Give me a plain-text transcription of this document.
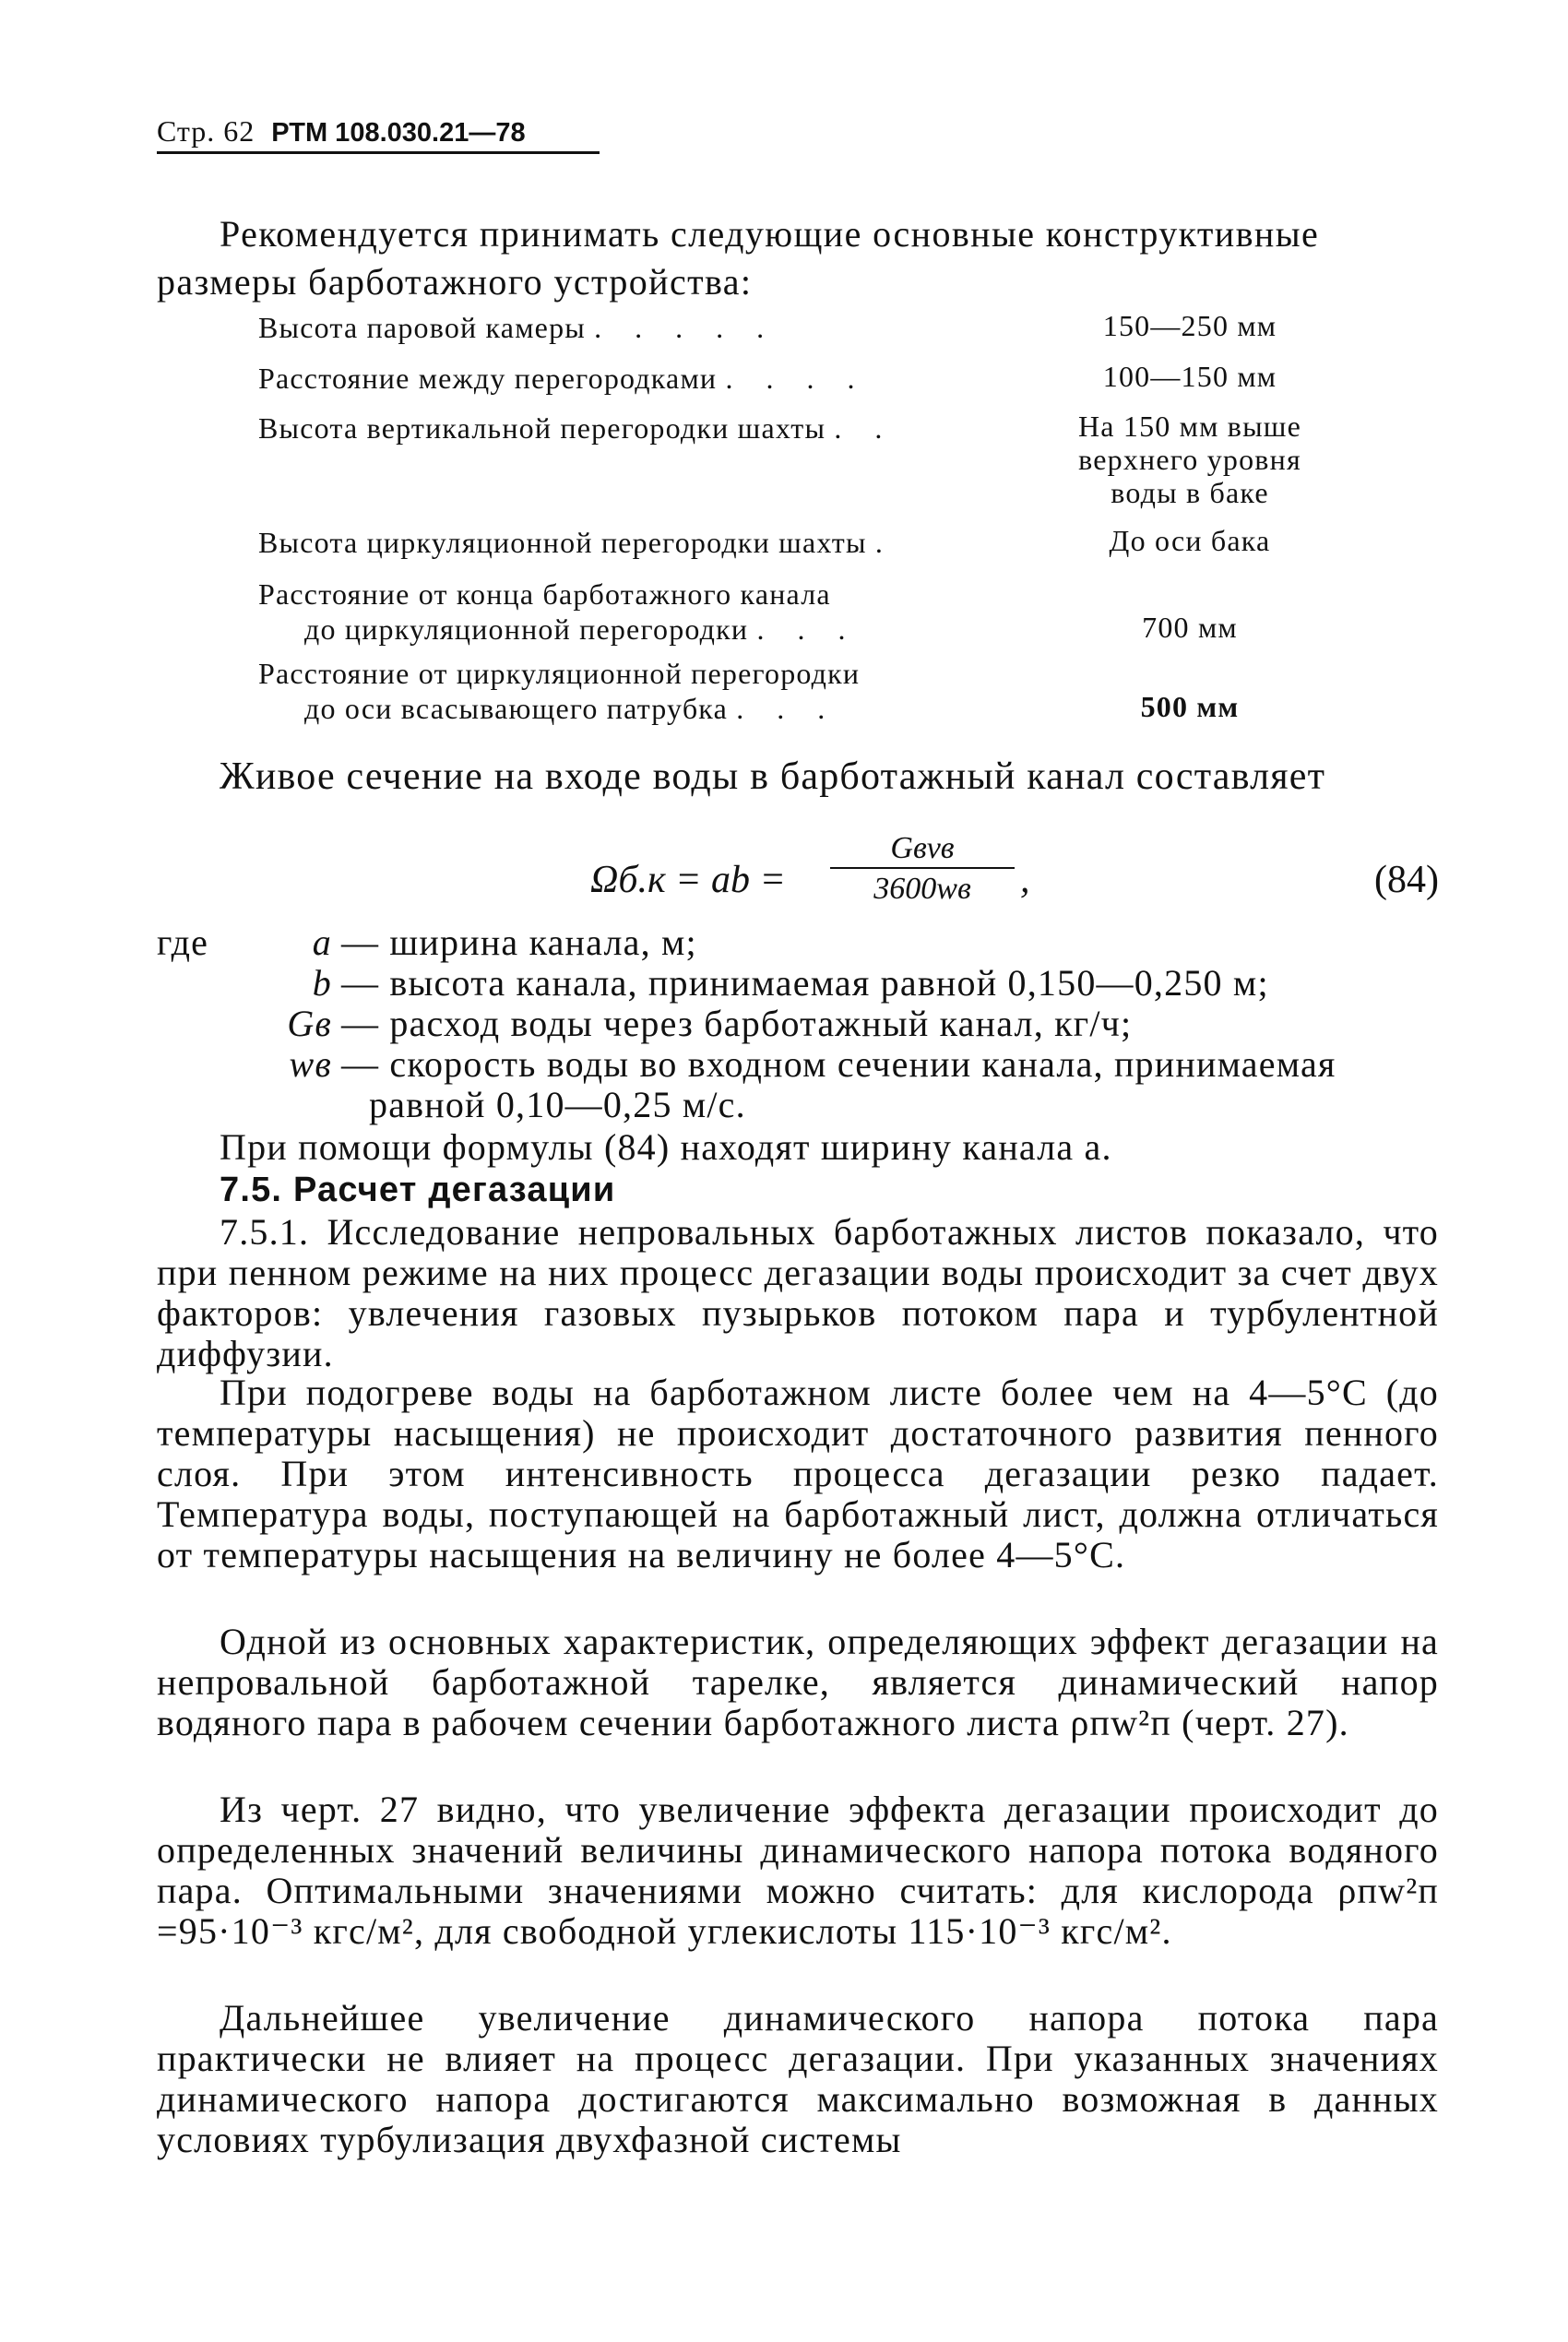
Стр. 62 РТМ 108.030.21—78
Рекомендуется принимать следующие основные конструктивные
размеры барботажного устройства:
Высота паровой камеры . . . . .	150—250 мм
Расстояние между перегородками . . . .	100—150 мм
Высота вертикальной перегородки шахты . .	На 150 мм выше
верхнего уровня
воды в баке
Высота циркуляционной перегородки шахты .	До оси бака
Расстояние от конца барботажного канала
до циркуляционной перегородки . . .	700 мм
Расстояние от циркуляционной перегородки
до оси всасывающего патрубка . . .	500 мм
Живое сечение на входе воды в барботажный канал составляет
Ωб.к = ab =
Gвvв
3600wв	,	(84)
где	a — ширина канала, м;
b — высота канала, принимаемая равной 0,150—0,250 м;
Gв — расход воды через барботажный канал, кг/ч;
wв — скорость воды во входном сечении канала, принимаемая
равной 0,10—0,25 м/с.
При помощи формулы (84) находят ширину канала a.
7.5. Расчет дегазации
7.5.1. Исследование непровальных барботажных листов показало, что при пенном режиме на них процесс дегазации воды происходит за счет двух факторов: увлечения газовых пузырьков потоком пара и турбулентной диффузии.
При подогреве воды на барботажном листе более чем на 4—5°С (до температуры насыщения) не происходит достаточного развития пенного слоя. При этом интенсивность процесса дегазации резко падает. Температура воды, поступающей на барботажный лист, должна отличаться от температуры насыщения на величину не более 4—5°С.
Одной из основных характеристик, определяющих эффект дегазации на непровальной барботажной тарелке, является динамический напор водяного пара в рабочем сечении барботажного листа ρпw²п (черт. 27).
Из черт. 27 видно, что увеличение эффекта дегазации происходит до определенных значений величины динамического напора потока водяного пара. Оптимальными значениями можно считать: для кислорода ρпw²п =95·10⁻³ кгс/м², для свободной углекислоты 115·10⁻³ кгс/м².
Дальнейшее увеличение динамического напора потока пара практически не влияет на процесс дегазации. При указанных значениях динамического напора достигаются максимально возможная в данных условиях турбулизация двухфазной системы
